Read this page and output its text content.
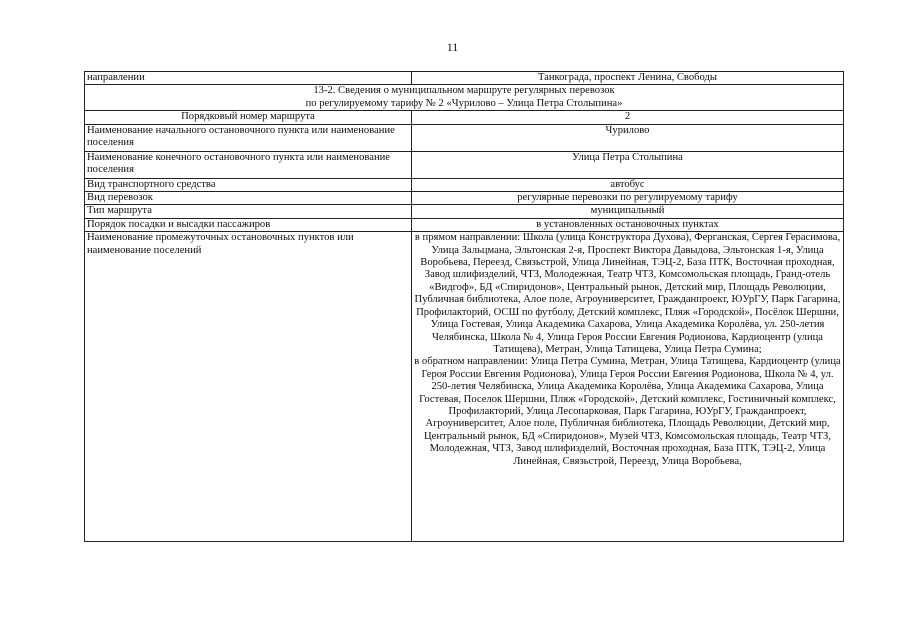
11
направлении	Танкограда, проспект Ленина, Свободы

13-2. Сведения о муниципальном маршруте регулярных перевозок
по регулируемому тарифу № 2 «Чурилово – Улица Петра Столыпина»	

Порядковый номер маршрута	2
Наименование начального остановочного пункта или наименование поселения	Чурилово
Наименование конечного остановочного пункта или наименование поселения	Улица Петра Столыпина
Вид транспортного средства	автобус
Вид перевозок	регулярные перевозки по регулируемому тарифу
Тип маршрута	муниципальный
Порядок посадки и высадки пассажиров	в установленных остановочных пунктах
Наименование промежуточных остановочных пунктов или наименование поселений	в прямом направлении: Школа (улица Конструктора Духова), Ферганская, Сергея Герасимова, Улица Зальцмана, Эльтонская 2-я, Проспект Виктора Давыдова, Эльтонская 1-я, Улица Воробьева, Переезд, Связьстрой, Улица Линейная, ТЭЦ-2, База ПТК, Восточная проходная, Завод шлифизделий, ЧТЗ, Молодежная, Театр ЧТЗ, Комсомольская площадь, Гранд-отель «Видгоф», БД «Спиридонов», Центральный рынок, Детский мир, Площадь Революции, Публичная библиотека, Алое поле, Агроуниверситет, Гражданпроект, ЮУрГУ, Парк Гагарина, Профилакторий, ОСШ по футболу, Детский комплекс, Пляж «Городской», Посёлок Шершни, Улица Гостевая, Улица Академика Сахарова, Улица Академика Королёва, ул. 250-летия Челябинска, Школа № 4, Улица Героя России Евгения Родионова, Кардиоцентр (улица Татищева), Метран, Улица Татищева, Улица Петра Сумина;
в обратном направлении: Улица Петра Сумина, Метран, Улица Татищева, Кардиоцентр (улица Героя России Евгения Родионова), Улица Героя России Евгения Родионова, Школа № 4, ул. 250-летия Челябинска, Улица Академика Королёва, Улица Академика Сахарова, Улица Гостевая, Поселок Шершни, Пляж «Городской», Детский комплекс, Гостиничный комплекс, Профилакторий, Улица Лесопарковая, Парк Гагарина, ЮУрГУ, Гражданпроект, Агроуниверситет, Алое поле, Публичная библиотека, Площадь Революции, Детский мир, Центральный рынок, БД «Спиридонов», Музей ЧТЗ, Комсомольская площадь, Театр ЧТЗ, Молодежная, ЧТЗ, Завод шлифизделий, Восточная проходная, База ПТК, ТЭЦ-2, Улица Линейная, Связьстрой, Переезд, Улица Воробьева,
